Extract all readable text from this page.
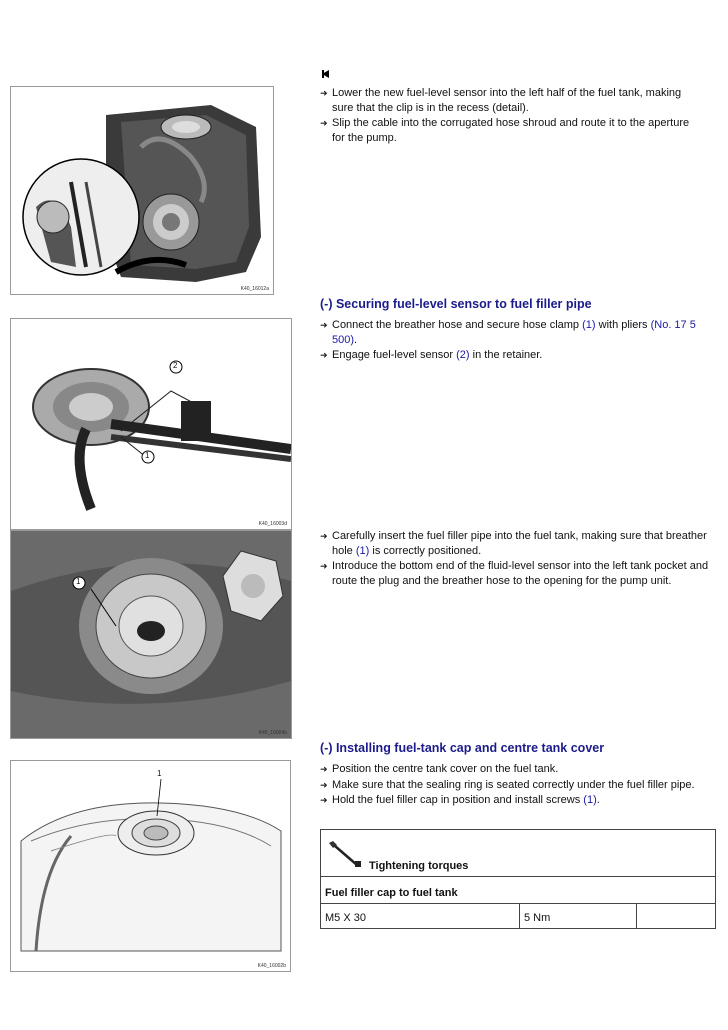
K40_16012a
➜ Lower the new fuel-level sensor into the left half of the fuel tank, making sure that the clip is in the recess (detail).
➜ Slip the cable into the corrugated hose shroud and route it to the aperture for the pump.
(-) Securing fuel-level sensor to fuel filler pipe
2
1
K40_16003d
➜ Connect the breather hose and secure hose clamp (1) with pliers (No. 17 5 500).
➜ Engage fuel-level sensor (2) in the retainer.
1
K40_16004b
➜ Carefully insert the fuel filler pipe into the fuel tank, making sure that breather hole (1) is correctly positioned.
➜ Introduce the bottom end of the fluid-level sensor into the left tank pocket and route the plug and the breather hose to the opening for the pump unit.
(-) Installing fuel-tank cap and centre tank cover
1
K40_16002b
➜ Position the centre tank cover on the fuel tank.
➜ Make sure that the sealing ring is seated correctly under the fuel filler pipe.
➜ Hold the fuel filler cap in position and install screws (1).
Tightening torques
Fuel filler cap to fuel tank
M5 X 30	5 Nm	
